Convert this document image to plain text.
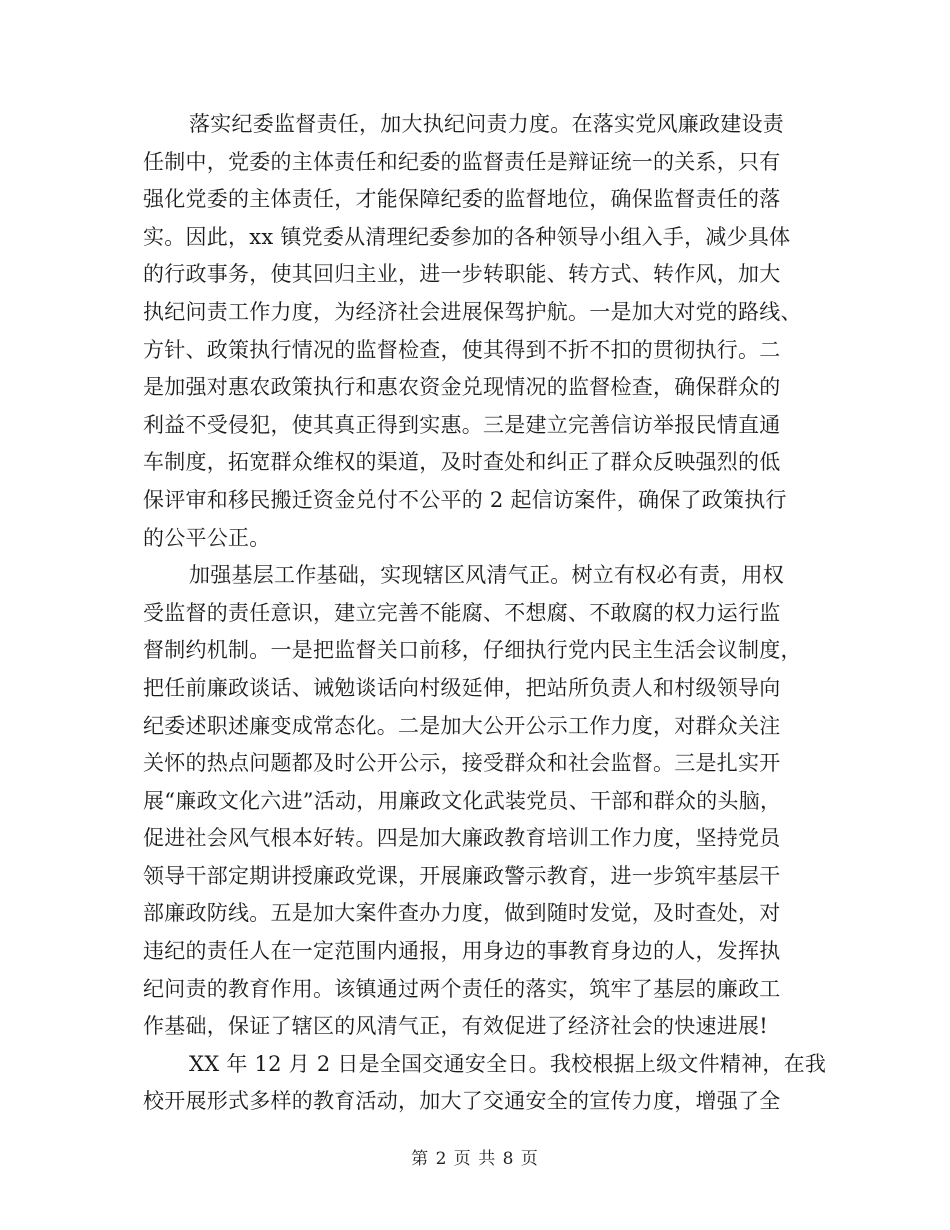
落实纪委监督责任，加大执纪问责力度。在落实党风廉政建设责
任制中，党委的主体责任和纪委的监督责任是辩证统一的关系，只有
强化党委的主体责任，才能保障纪委的监督地位，确保监督责任的落
实。因此，xx 镇党委从清理纪委参加的各种领导小组入手，减少具体
的行政事务，使其回归主业，进一步转职能、转方式、转作风，加大
执纪问责工作力度，为经济社会进展保驾护航。一是加大对党的路线、
方针、政策执行情况的监督检查，使其得到不折不扣的贯彻执行。二
是加强对惠农政策执行和惠农资金兑现情况的监督检查，确保群众的
利益不受侵犯，使其真正得到实惠。三是建立完善信访举报民情直通
车制度，拓宽群众维权的渠道，及时查处和纠正了群众反映强烈的低
保评审和移民搬迁资金兑付不公平的 2 起信访案件，确保了政策执行
的公平公正。
加强基层工作基础，实现辖区风清气正。树立有权必有责，用权
受监督的责任意识，建立完善不能腐、不想腐、不敢腐的权力运行监
督制约机制。一是把监督关口前移，仔细执行党内民主生活会议制度，
把任前廉政谈话、诫勉谈话向村级延伸，把站所负责人和村级领导向
纪委述职述廉变成常态化。二是加大公开公示工作力度，对群众关注
关怀的热点问题都及时公开公示，接受群众和社会监督。三是扎实开
展“廉政文化六进”活动，用廉政文化武装党员、干部和群众的头脑，
促进社会风气根本好转。四是加大廉政教育培训工作力度，坚持党员
领导干部定期讲授廉政党课，开展廉政警示教育，进一步筑牢基层干
部廉政防线。五是加大案件查办力度，做到随时发觉，及时查处，对
违纪的责任人在一定范围内通报，用身边的事教育身边的人，发挥执
纪问责的教育作用。该镇通过两个责任的落实，筑牢了基层的廉政工
作基础，保证了辖区的风清气正，有效促进了经济社会的快速进展!
XX 年 12 月 2 日是全国交通安全日。我校根据上级文件精神，在我
校开展形式多样的教育活动，加大了交通安全的宣传力度，增强了全
第 2 页 共 8 页
